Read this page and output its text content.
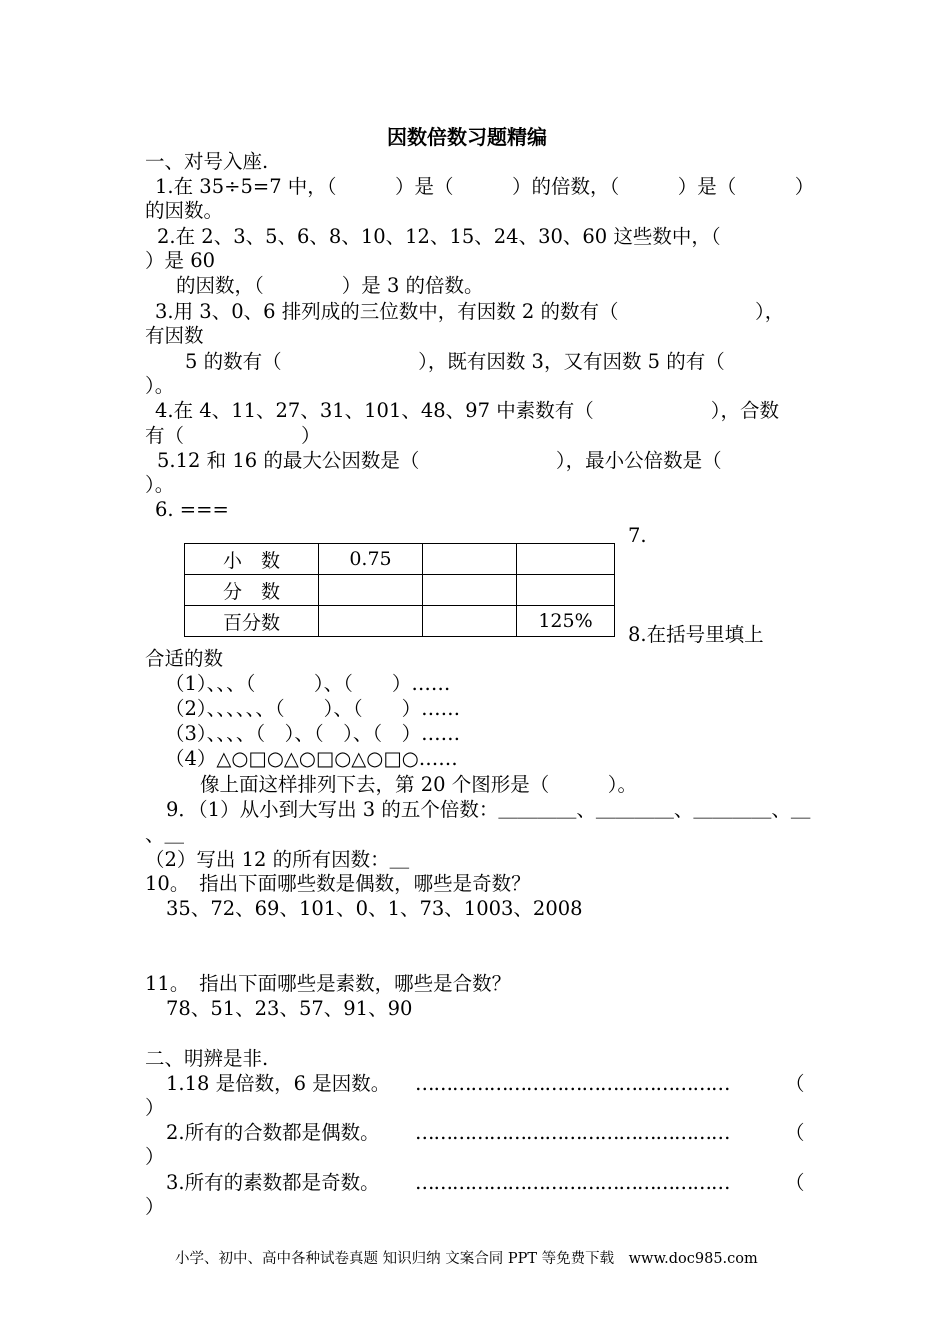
因数倍数习题精编
一、对号入座.
1.在 35÷5=7 中，（　　　）是（　　　）的倍数，（　　　）是（　　　）
的因数。
2.在 2、3、5、6、8、10、12、15、24、30、60 这些数中，（
）是 60
的因数，（　　　　）是 3 的倍数。
3.用 3、0、6 排列成的三位数中，有因数 2 的数有（　　　　　　　），
有因数
5 的数有（　　　　　　　），既有因数 3，又有因数 5 的有（
）。
4.在 4、11、27、31、101、48、97 中素数有（　　　　　　），合数
有（　　　　　　）
5.12 和 16 的最大公因数是（　　　　　　　），最小公倍数是（
）。
6. ===
7.
小　数	0.75		
分　数			
百分数			125%
8.在括号里填上
合适的数
（1）、、、（　　　）、（　　）……
（2）、、、、、、（　　）、（　　）……
（3）、、、、（　）、（　）、（　）……
（4）△○□○△○□○△○□○……
像上面这样排列下去，第 20 个图形是（　　　）。
9．（1）从小到大写出 3 的五个倍数：＿＿＿＿、＿＿＿＿、＿＿＿＿、＿
、＿
（2）写出 12 的所有因数：＿
10。　指出下面哪些数是偶数，哪些是奇数？
35、72、69、101、0、1、73、1003、2008
11。　指出下面哪些是素数，哪些是合数？
78、51、23、57、91、90
二、明辨是非.
1.18 是倍数，6 是因数。 ……………………………………………	（
）
2.所有的合数都是偶数。 ……………………………………………	（
）
3.所有的素数都是奇数。 ……………………………………………	（
）
小学、初中、高中各种试卷真题 知识归纳 文案合同 PPT 等免费下载　www.doc985.com
